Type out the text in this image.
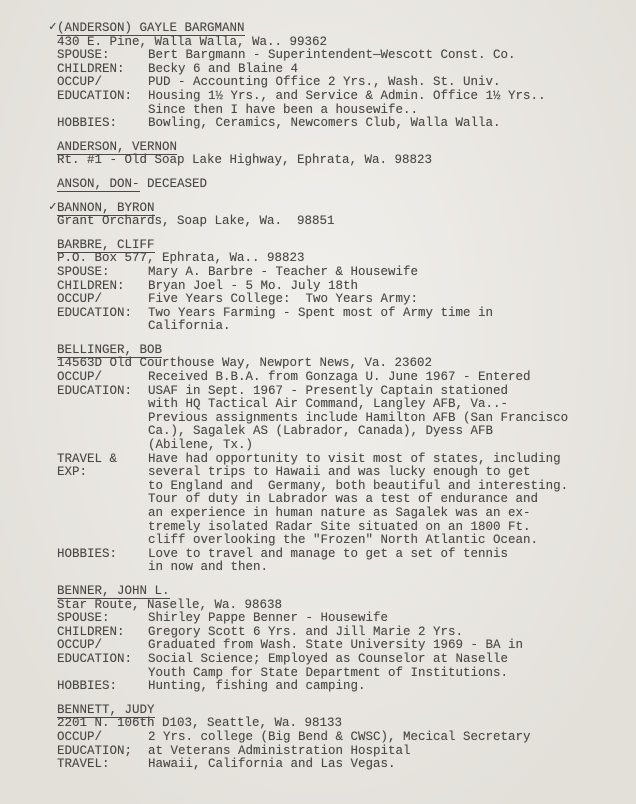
✓(ANDERSON) GAYLE BARGMANN
430 E. Pine, Walla Walla, Wa.. 99362
SPOUSE:	Bert Bargmann - Superintendent—Wescott Const. Co.
CHILDREN:	Becky 6 and Blaine 4
OCCUP/	PUD - Accounting Office 2 Yrs., Wash. St. Univ.
EDUCATION:	Housing 1½ Yrs., and Service & Admin. Office 1½ Yrs..
Since then I have been a housewife..
HOBBIES:	Bowling, Ceramics, Newcomers Club, Walla Walla.
ANDERSON, VERNON
Rt. #1 - Old Soap Lake Highway, Ephrata, Wa. 98823
ANSON, DON- DECEASED
✓BANNON, BYRON
Grant Orchards, Soap Lake, Wa.  98851
BARBRE, CLIFF
P.O. Box 577, Ephrata, Wa.. 98823
SPOUSE:	Mary A. Barbre - Teacher & Housewife
CHILDREN:	Bryan Joel - 5 Mo. July 18th
OCCUP/	Five Years College:  Two Years Army:
EDUCATION:	Two Years Farming - Spent most of Army time in
California.
BELLINGER, BOB
14563D Old Courthouse Way, Newport News, Va. 23602
OCCUP/	Received B.B.A. from Gonzaga U. June 1967 - Entered
EDUCATION:	USAF in Sept. 1967 - Presently Captain stationed
with HQ Tactical Air Command, Langley AFB, Va..-
Previous assignments include Hamilton AFB (San Francisco
Ca.), Sagalek AS (Labrador, Canada), Dyess AFB
(Abilene, Tx.)
TRAVEL &	Have had opportunity to visit most of states, including
EXP:	several trips to Hawaii and was lucky enough to get
to England and  Germany, both beautiful and interesting.
Tour of duty in Labrador was a test of endurance and
an experience in human nature as Sagalek was an ex-
tremely isolated Radar Site situated on an 1800 Ft.
cliff overlooking the "Frozen" North Atlantic Ocean.
HOBBIES:	Love to travel and manage to get a set of tennis
in now and then.
BENNER, JOHN L.
Star Route, Naselle, Wa. 98638
SPOUSE:	Shirley Pappe Benner - Housewife
CHILDREN:	Gregory Scott 6 Yrs. and Jill Marie 2 Yrs.
OCCUP/	Graduated from Wash. State University 1969 - BA in
EDUCATION:	Social Science; Employed as Counselor at Naselle
Youth Camp for State Department of Institutions.
HOBBIES:	Hunting, fishing and camping.
BENNETT, JUDY
2201 N. 106th D103, Seattle, Wa. 98133
OCCUP/	2 Yrs. college (Big Bend & CWSC), Mecical Secretary
EDUCATION;	at Veterans Administration Hospital
TRAVEL:	Hawaii, California and Las Vegas.
